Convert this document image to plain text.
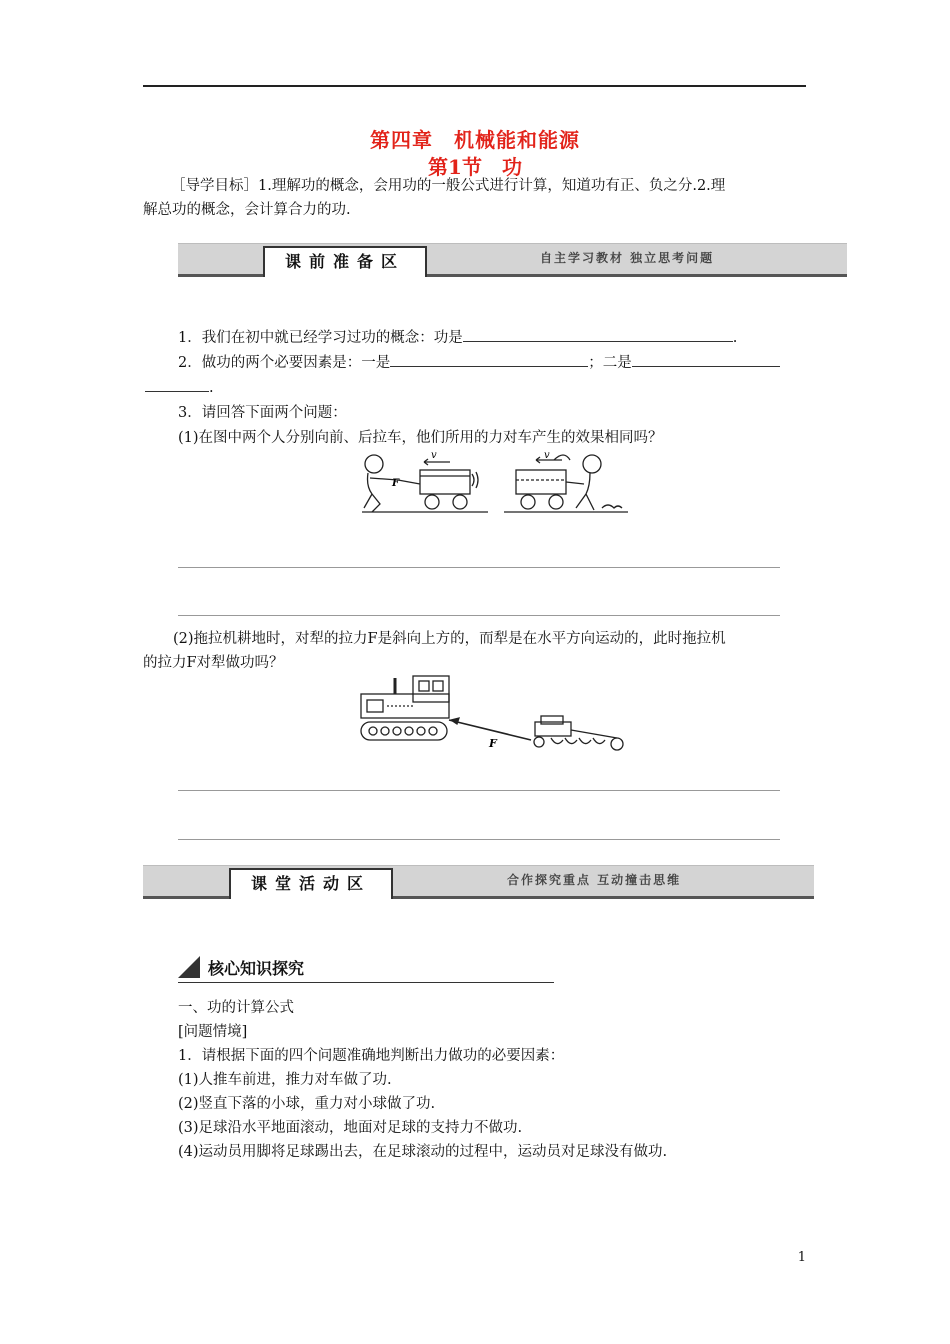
第四章　机械能和能源
第1节　功
［导学目标］1.理解功的概念，会用功的一般公式进行计算，知道功有正、负之分.2.理
解总功的概念，会计算合力的功.
课前准备区	自主学习教材 独立思考问题
1．我们在初中就已经学习过功的概念：功是	.
2．做功的两个必要因素是：一是	；二是
.
3．请回答下面两个问题：
(1)在图中两个人分别向前、后拉车，他们所用的力对车产生的效果相同吗？
F
v	v
(2)拖拉机耕地时，对犁的拉力F是斜向上方的，而犁是在水平方向运动的，此时拖拉机
的拉力F对犁做功吗？
F
课堂活动区	合作探究重点 互动撞击思维
核心知识探究
一、功的计算公式
[问题情境]
1．请根据下面的四个问题准确地判断出力做功的必要因素：
(1)人推车前进，推力对车做了功.
(2)竖直下落的小球，重力对小球做了功.
(3)足球沿水平地面滚动，地面对足球的支持力不做功.
(4)运动员用脚将足球踢出去，在足球滚动的过程中，运动员对足球没有做功.
1
